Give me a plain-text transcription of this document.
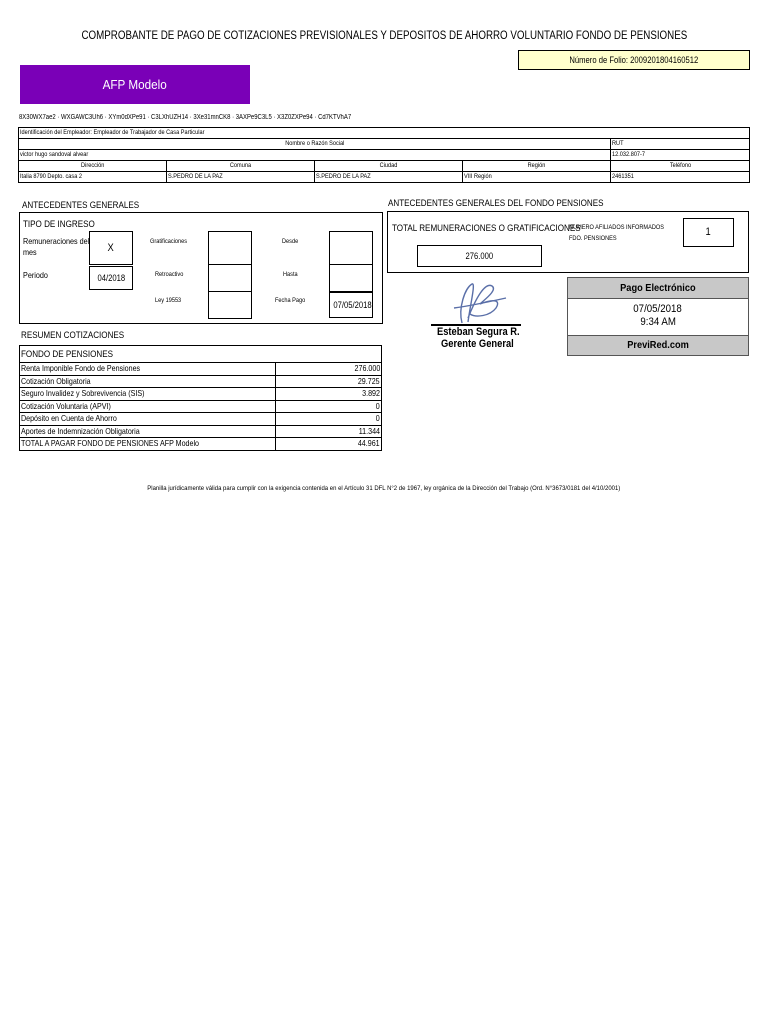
COMPROBANTE DE PAGO DE COTIZACIONES PREVISIONALES Y DEPOSITOS DE AHORRO VOLUNTARIO FONDO DE PENSIONES
Número de Folio: 2009201804160512
AFP Modelo
8X30WX7ae2 · WXGAWC3Uh6 · XYm0dXPe91 · C3LXhUZH14 · 3Xe31mnCK8 · 3AXPe9C3L5 · X3Z0ZXPe94 · Cd7KTVhA7
Identificación del Empleador: Empleador de Trabajador de Casa Particular				
Nombre o Razón Social				RUT
victor hugo sandoval alvear				12.032.807-7
Dirección	Comuna	Ciudad	Región	Teléfono
Italia 8790 Depto. casa 2	S.PEDRO DE LA PAZ	S.PEDRO DE LA PAZ	VIII Región	2461351
ANTECEDENTES GENERALES
TIPO DE INGRESO
Remuneraciones del mes	X
Gratificaciones	Desde
Periodo	04/2018	Retroactivo	Hasta
Ley 19553	Fecha Pago	07/05/2018
ANTECEDENTES GENERALES DEL FONDO PENSIONES
TOTAL REMUNERACIONES O GRATIFICACIONES
276.000
NUMERO AFILIADOS INFORMADOS
FDO. PENSIONES
1
Esteban Segura R.
Gerente General
Pago Electrónico
07/05/2018
9:34 AM
PreviRed.com
RESUMEN COTIZACIONES
FONDO DE PENSIONES	
Renta Imponible Fondo de Pensiones	276.000
Cotización Obligatoria	29.725
Seguro Invalidez y Sobrevivencia (SIS)	3.892
Cotización Voluntaria (APVI)	0
Depósito en Cuenta de Ahorro	0
Aportes de Indemnización Obligatoria	11.344
TOTAL A PAGAR FONDO DE PENSIONES AFP Modelo	44.961
Planilla jurídicamente válida para cumplir con la exigencia contenida en el Artículo 31 DFL N°2 de 1967, ley orgánica de la Dirección del Trabajo (Ord. N°3673/0181 del 4/10/2001)
